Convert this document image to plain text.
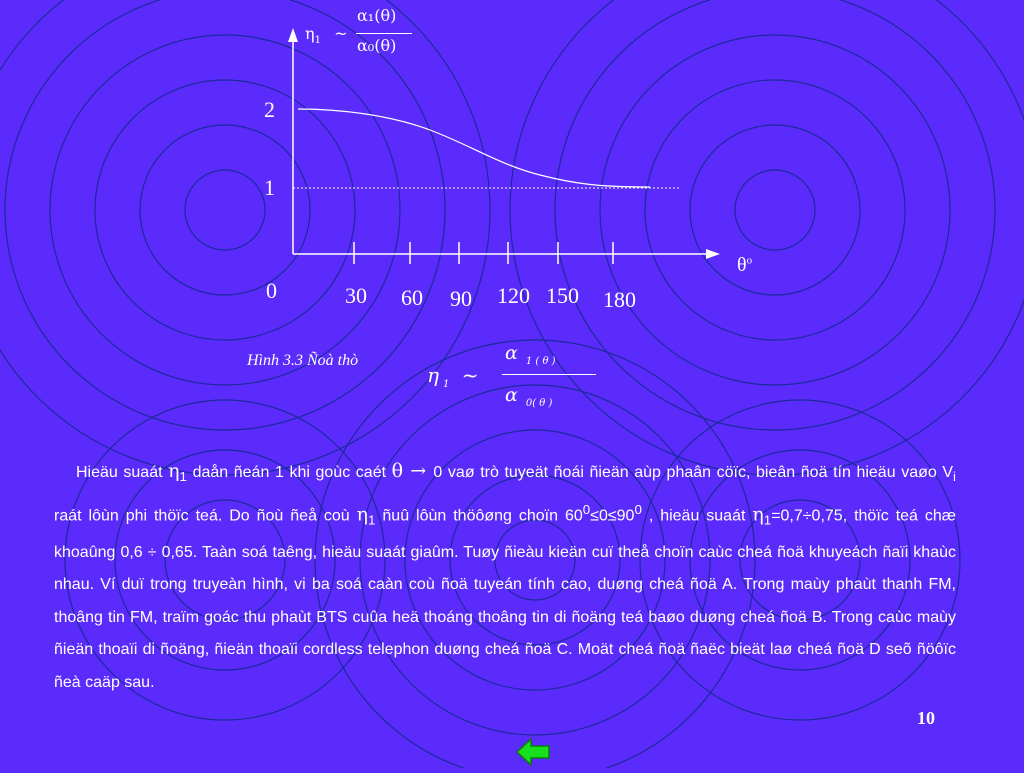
$\eta_1$ ~
α₁(θ)
α₀(θ)
2
1
0	30 60 90 120 150 180
$\theta^o$
Hình 3.3 Ñoà thò
η $_1$ ~
α $_{1 ( \theta )}$
α $_{0( \theta )}$
Hieäu suaát $\eta_1$ daån ñeán 1 khi goùc caét θ → 0 vaø trò tuyeät ñoái ñieän aùp phaân cöïc, bieân ñoä tín hieäu vaøo $V_i$ raát lôùn phi thöïc teá. Do ñoù ñeå coù $\eta_1$ ñuû lôùn thöôøng choïn $60^0\le 0\le 90^0$ , hieäu suaát $\eta_1=0,7\div 0,75$, thöïc teá chæ khoaûng 0,6 ÷ 0,65. Taàn soá taêng, hieäu suaát giaûm. Tuøy ñieàu kieän cuï theå choïn caùc cheá ñoä khuyeách ñaïi khaùc nhau. Ví duï trong truyeàn hình, vi ba soá caàn coù ñoä tuyeán tính cao, duøng cheá ñoä A. Trong maùy phaùt thanh FM, thoâng tin FM, traïm goác thu phaùt BTS cuûa heä thoáng thoâng tin di ñoäng teá baøo duøng cheá ñoä B. Trong caùc maùy ñieän thoaïi di ñoäng, ñieän thoaïi cordless telephon duøng cheá ñoä C. Moät cheá ñoä ñaëc bieät laø cheá ñoä D seõ ñöôïc ñeà caäp sau.
10
